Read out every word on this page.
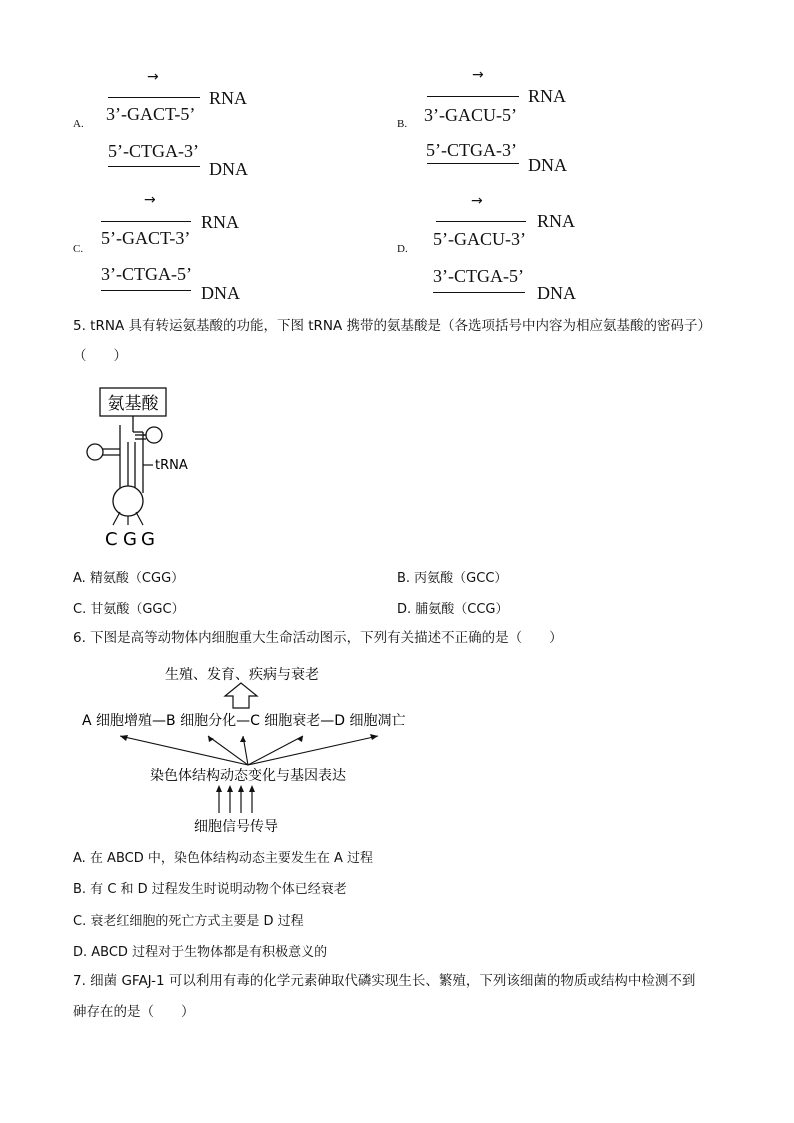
→
RNA
A. 3’-GACT-5’
5’-CTGA-3’
DNA
→
RNA
B. 3’-GACU-5’
5’-CTGA-3’
DNA
→
RNA
C.
5’-GACT-3’
3’-CTGA-5’
DNA
→
RNA
D. 5’-GACU-3’
3’-CTGA-5’
DNA
5. tRNA 具有转运氨基酸的功能，下图 tRNA 携带的氨基酸是（各选项括号中内容为相应氨基酸的密码子）
（　　）
氨基酸
tRNA
C G G
A. 精氨酸（CGG）	B. 丙氨酸（GCC）
C. 甘氨酸（GGC）	D. 脯氨酸（CCG）
6. 下图是高等动物体内细胞重大生命活动图示，下列有关描述不正确的是（　　）
生殖、发育、疾病与衰老
A 细胞增殖—B 细胞分化—C 细胞衰老—D 细胞凋亡
染色体结构动态变化与基因表达
细胞信号传导
A. 在 ABCD 中，染色体结构动态主要发生在 A 过程
B. 有 C 和 D 过程发生时说明动物个体已经衰老
C. 衰老红细胞的死亡方式主要是 D 过程
D. ABCD 过程对于生物体都是有积极意义的
7. 细菌 GFAJ-1 可以利用有毒的化学元素砷取代磷实现生长、繁殖，下列该细菌的物质或结构中检测不到
砷存在的是（　　）
